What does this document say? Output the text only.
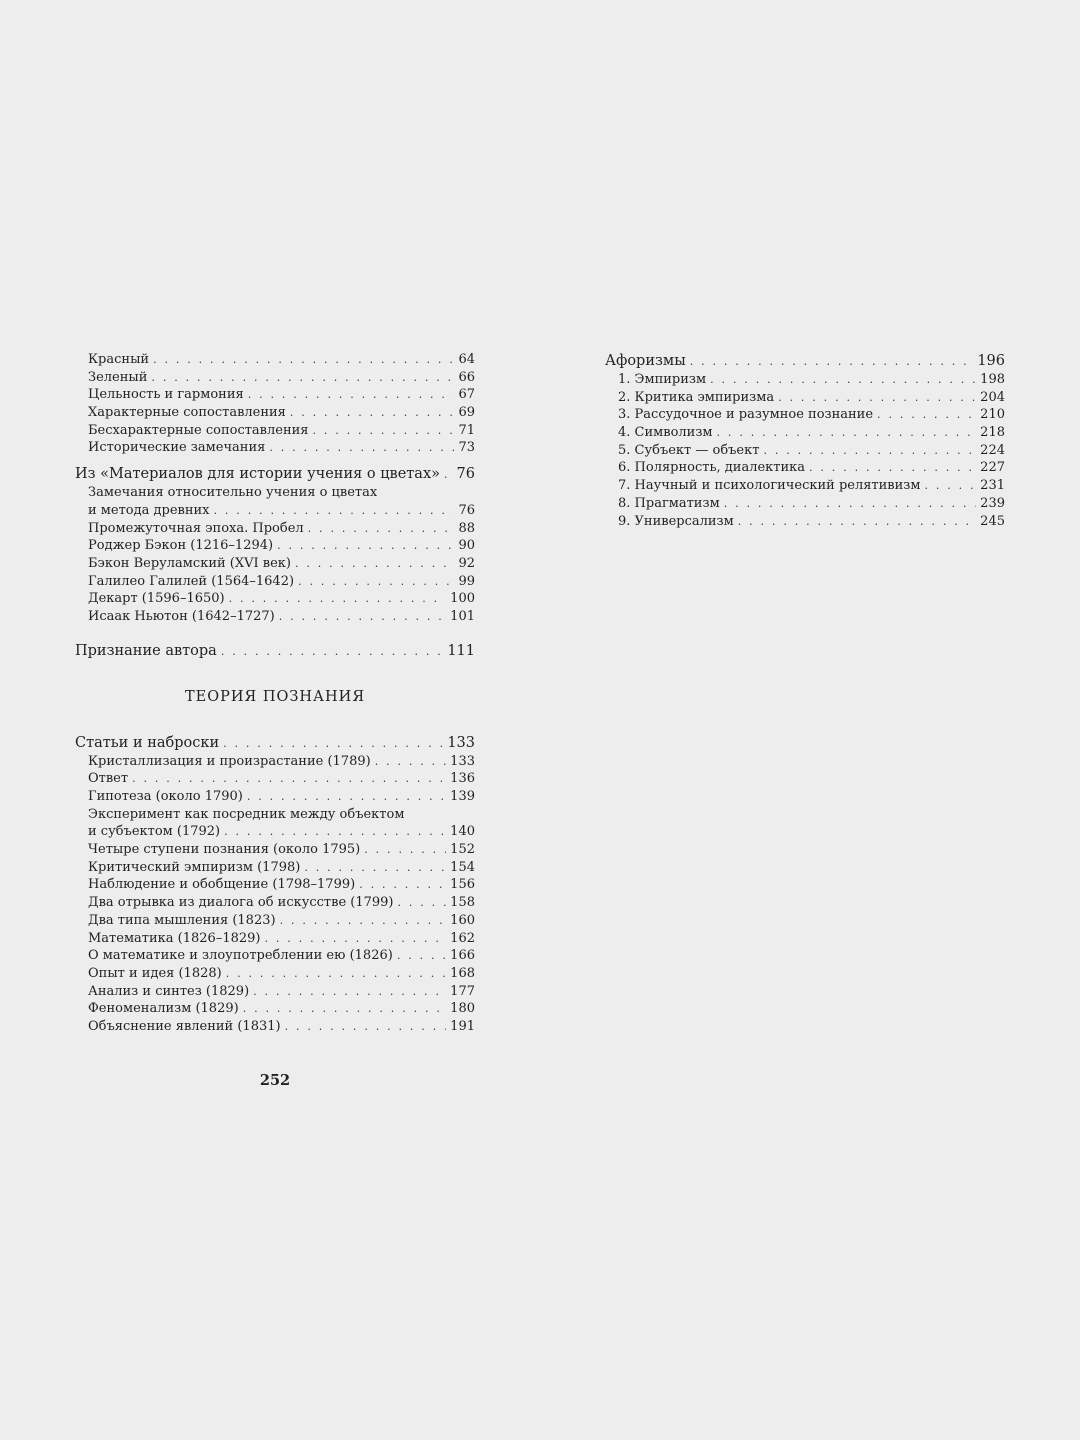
Красный . . .	64
Зеленый . . .	66
Цельность и гармония . . .	67
Характерные сопоставления . . .	69
Бесхарактерные сопоставления . . .	71
Исторические замечания . . .	73
Из «Материалов для истории учения о цветах» . . . 76
Замечания относительно учения о цветах
и метода древних . . .	76
Промежуточная эпоха. Пробел . . .	88
Роджер Бэкон (1216–1294) . . .	90
Бэкон Веруламский (XVI век) . . .	92
Галилео Галилей (1564–1642) . . .	99
Декарт (1596–1650) . . .	100
Исаак Ньютон (1642–1727) . . .	101
Признание автора . . .	111
ТЕОРИЯ ПОЗНАНИЯ
Статьи и наброски . . .	133
Кристаллизация и произрастание (1789) . . .	133
Ответ . . .	136
Гипотеза (около 1790) . . .	139
Эксперимент как посредник между объектом
и субъектом (1792) . . .	140
Четыре ступени познания (около 1795) . . .	152
Критический эмпиризм (1798) . . .	154
Наблюдение и обобщение (1798–1799) . . .	156
Два отрывка из диалога об искусстве (1799) . . .	158
Два типа мышления (1823) . . .	160
Математика (1826–1829) . . .	162
О математике и злоупотреблении ею (1826) . . .	166
Опыт и идея (1828) . . .	168
Анализ и синтез (1829) . . .	177
Феноменализм (1829) . . .	180
Объяснение явлений (1831) . . .	191
Афоризмы . . .	196
1. Эмпиризм . . .	198
2. Критика эмпиризма . . .	204
3. Рассудочное и разумное познание . . .	210
4. Символизм . . .	218
5. Субъект — объект . . .	224
6. Полярность, диалектика . . .	227
7. Научный и психологический релятивизм . . .	231
8. Прагматизм . . .	239
9. Универсализм . . .	245
252
